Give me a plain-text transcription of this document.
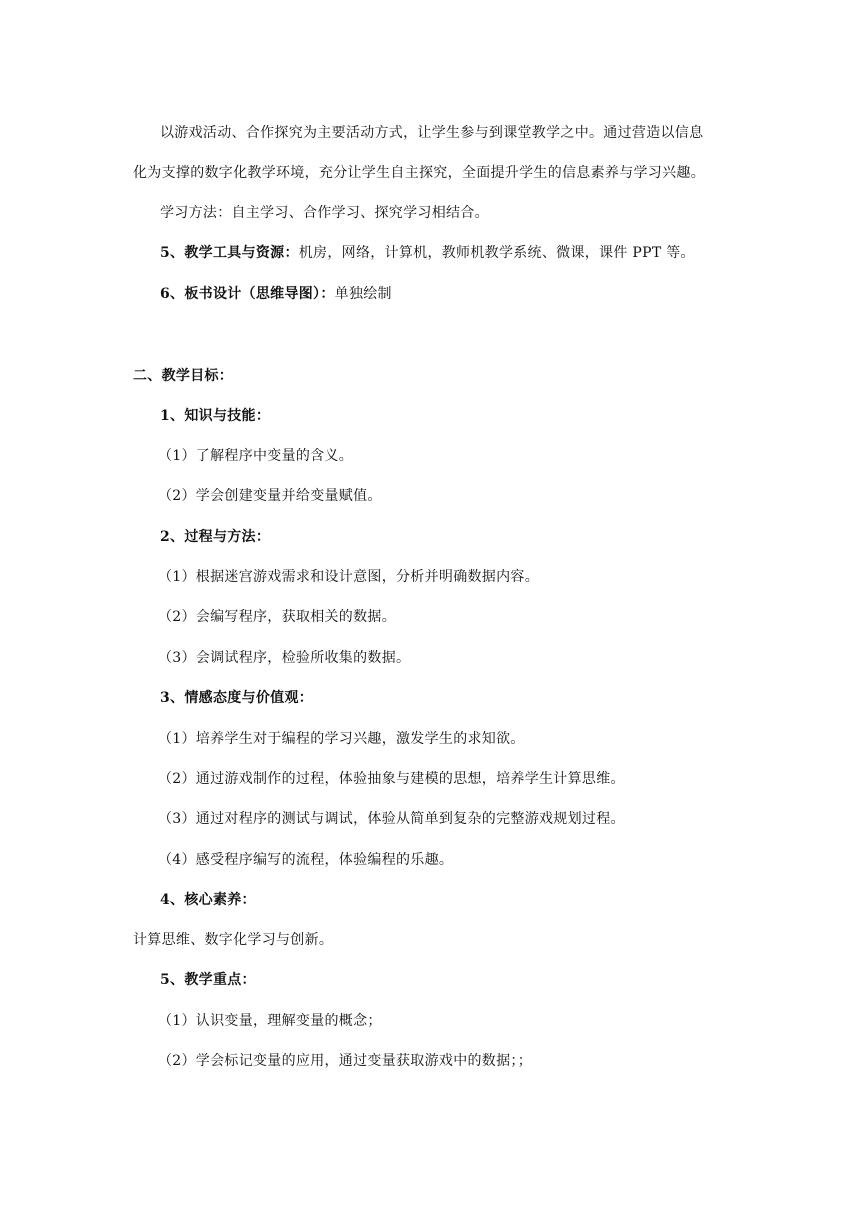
以游戏活动、合作探究为主要活动方式，让学生参与到课堂教学之中。通过营造以信息
化为支撑的数字化教学环境，充分让学生自主探究，全面提升学生的信息素养与学习兴趣。
学习方法：自主学习、合作学习、探究学习相结合。
5、教学工具与资源：机房，网络，计算机，教师机教学系统、微课，课件 PPT 等。
6、板书设计（思维导图）：单独绘制
二、教学目标：
1、知识与技能：
（1）了解程序中变量的含义。
（2）学会创建变量并给变量赋值。
2、过程与方法：
（1）根据迷宫游戏需求和设计意图，分析并明确数据内容。
（2）会编写程序，获取相关的数据。
（3）会调试程序，检验所收集的数据。
3、情感态度与价值观：
（1）培养学生对于编程的学习兴趣，激发学生的求知欲。
（2）通过游戏制作的过程，体验抽象与建模的思想，培养学生计算思维。
（3）通过对程序的测试与调试，体验从简单到复杂的完整游戏规划过程。
（4）感受程序编写的流程，体验编程的乐趣。
4、核心素养：
计算思维、数字化学习与创新。
5、教学重点：
（1）认识变量，理解变量的概念；
（2）学会标记变量的应用，通过变量获取游戏中的数据；；
